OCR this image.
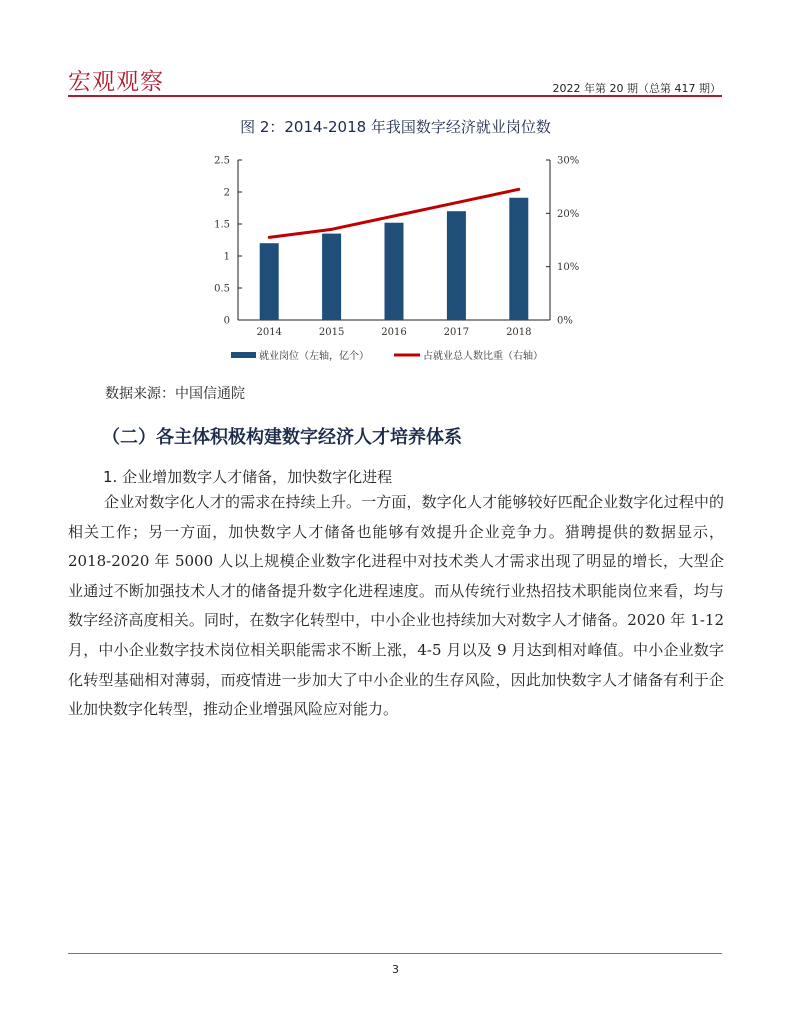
宏观观察	2022 年第 20 期（总第 417 期）
图 2：2014-2018 年我国数字经济就业岗位数
0
0.5
1
1.5
2
2.5
0%
10%
20%
30%
2014	2015	2016	2017	2018
就业岗位（左轴，亿个）	占就业总人数比重（右轴）
数据来源：中国信通院
（二）各主体积极构建数字经济人才培养体系
1. 企业增加数字人才储备，加快数字化进程

企业对数字化人才的需求在持续上升。一方面，数字化人才能够较好匹配企业数字化过程中的相关工作；另一方面，加快数字人才储备也能够有效提升企业竞争力。猎聘提供的数据显示，2018-2020 年 5000 人以上规模企业数字化进程中对技术类人才需求出现了明显的增长，大型企业通过不断加强技术人才的储备提升数字化进程速度。而从传统行业热招技术职能岗位来看，均与数字经济高度相关。同时，在数字化转型中，中小企业也持续加大对数字人才储备。2020 年 1-12 月，中小企业数字技术岗位相关职能需求不断上涨，4-5 月以及 9 月达到相对峰值。中小企业数字化转型基础相对薄弱，而疫情进一步加大了中小企业的生存风险，因此加快数字人才储备有利于企业加快数字化转型，推动企业增强风险应对能力。

3
